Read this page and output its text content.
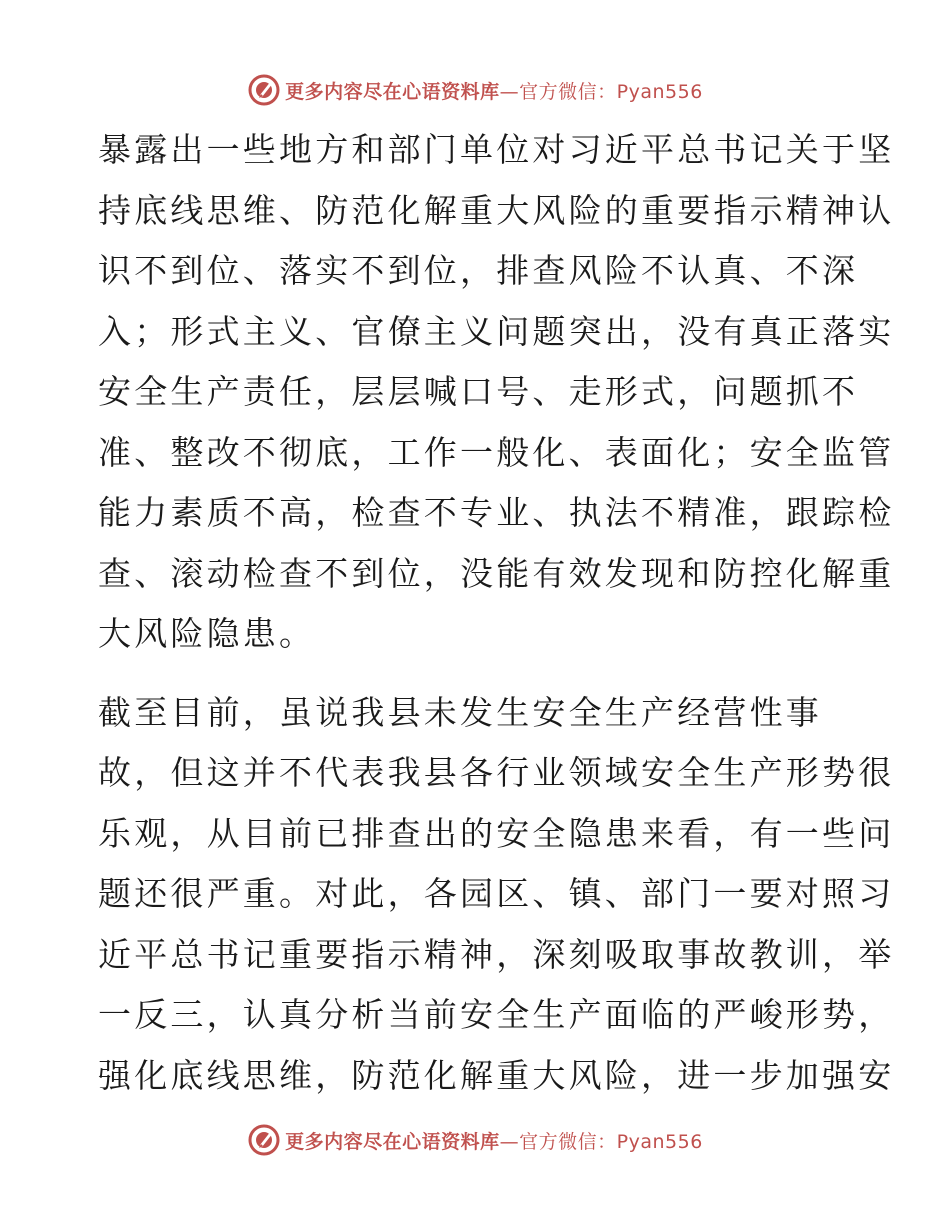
更多内容尽在心语资料库—官方微信：Pyan556
暴露出一些地方和部门单位对习近平总书记关于坚
持底线思维、防范化解重大风险的重要指示精神认
识不到位、落实不到位，排查风险不认真、不深
入；形式主义、官僚主义问题突出，没有真正落实
安全生产责任，层层喊口号、走形式，问题抓不
准、整改不彻底，工作一般化、表面化；安全监管
能力素质不高，检查不专业、执法不精准，跟踪检
查、滚动检查不到位，没能有效发现和防控化解重
大风险隐患。
截至目前，虽说我县未发生安全生产经营性事
故，但这并不代表我县各行业领域安全生产形势很
乐观，从目前已排查出的安全隐患来看，有一些问
题还很严重。对此，各园区、镇、部门一要对照习
近平总书记重要指示精神，深刻吸取事故教训，举
一反三，认真分析当前安全生产面临的严峻形势，
强化底线思维，防范化解重大风险，进一步加强安
更多内容尽在心语资料库—官方微信：Pyan556
